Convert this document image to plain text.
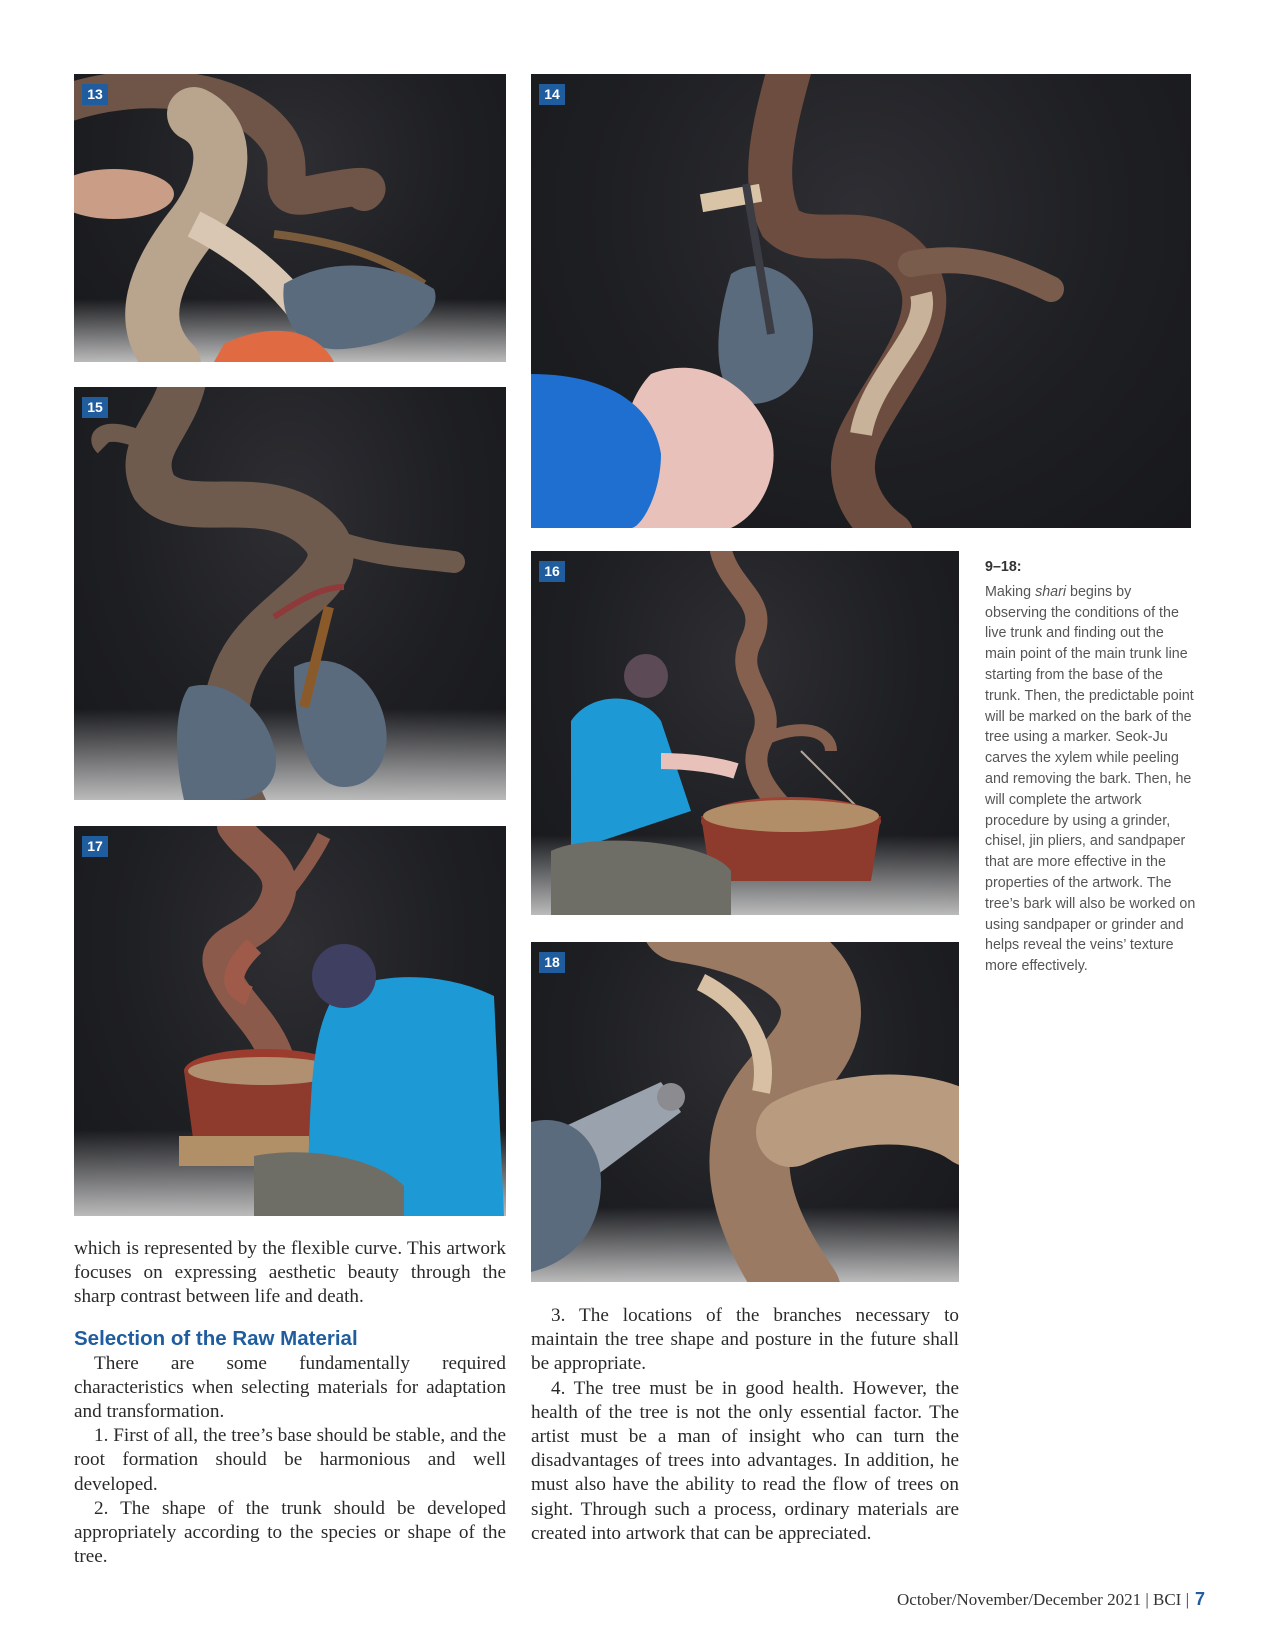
13	14
15
16
17
18
9–18:
Making shari begins by observing the conditions of the live trunk and finding out the main point of the main trunk line starting from the base of the trunk. Then, the predictable point will be marked on the bark of the tree using a marker. Seok-Ju carves the xylem while peeling and removing the bark. Then, he will complete the artwork procedure by using a grinder, chisel, jin pliers, and sandpaper that are more effective in the properties of the artwork. The tree’s bark will also be worked on using sandpaper or grinder and helps reveal the veins’ texture more effectively.

which is represented by the flexible curve. This artwork focuses on expressing aesthetic beauty through the sharp contrast between life and death.

Selection of the Raw Material

There are some fundamentally required characteristics when selecting materials for adaptation and transformation.

1. First of all, the tree’s base should be stable, and the root formation should be harmonious and well developed.

2. The shape of the trunk should be developed appropriately according to the species or shape of the tree.

3. The locations of the branches necessary to maintain the tree shape and posture in the future shall be appropriate.

4. The tree must be in good health. However, the health of the tree is not the only essential factor. The artist must be a man of insight who can turn the disadvantages of trees into advantages. In addition, he must also have the ability to read the flow of trees on sight. Through such a process, ordinary materials are created into artwork that can be appreciated.

October/November/December 2021 | BCI | 7
